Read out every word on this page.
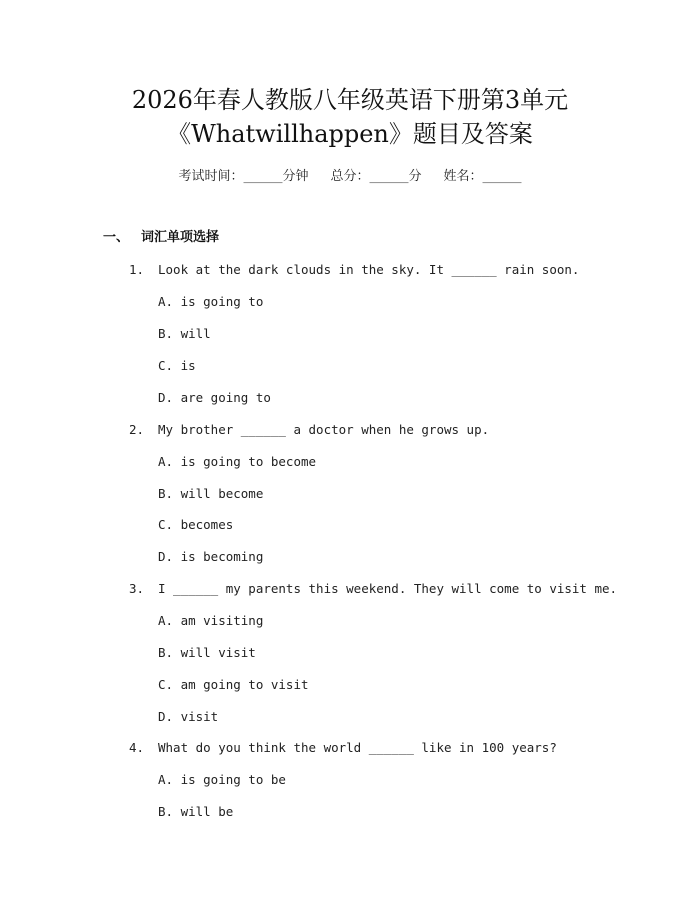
2026年春人教版八年级英语下册第3单元
《Whatwillhappen》题目及答案
考试时间：______分钟 总分：______分 姓名：______
一、 词汇单项选择
1. Look at the dark clouds in the sky. It ______ rain soon.
A. is going to
B. will
C. is
D. are going to
2. My brother ______ a doctor when he grows up.
A. is going to become
B. will become
C. becomes
D. is becoming
3. I ______ my parents this weekend. They will come to visit me.
A. am visiting
B. will visit
C. am going to visit
D. visit
4. What do you think the world ______ like in 100 years?
A. is going to be
B. will be
